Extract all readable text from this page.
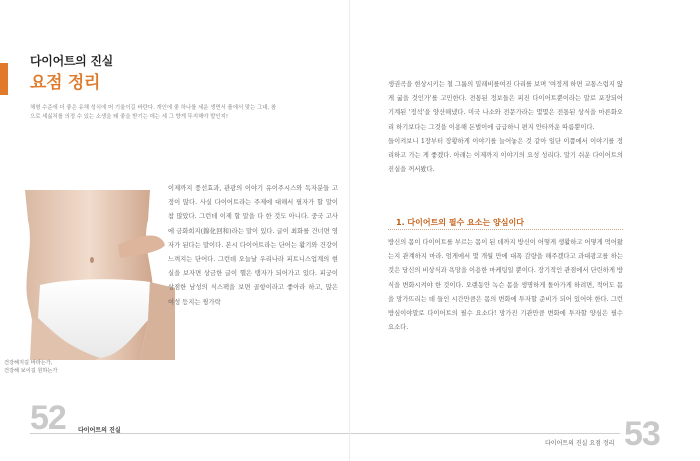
다이어트의 진실
요점 정리
체형 수준에 더 좋은 유해 성식에 머 기울이길 바란다. 개인에 좋 하나를 세운 생면서 플에서 맞는 그대, 참으로 세싫처를 의정 수 있는 소생을 돼 좋을 받기는 데는 세 그 향게 뚜지해야 발인지!
건강해지길 바라는가,
건강해 보이길 원하는가
이제까지 풍선효과, 관광의 이야기 유이주시스와 독자분들 고정이 많다. 사실 다이어트라는 주제에 대해서 필자가 할 말이 참 많았다. 그런데 이제 할 말을 다 한 것도 아니다. 중국 고사에 금화희지(錦化回和)라는 말이 있다. 글이 최화를 건너면 영자가 된다는 말이다. 본시 다이어트라는 단어는 활기와 건강이 느껴지는 단어다. 그런데 오늘날 우리나라 피트니스업계의 현실을 보자면 상금한 글이 헬은 탱자가 되어가고 있다. 피궁이 상점한 남성의 식스팩을 보면 골항이라고 좋아라 하고, 많은 여성 등지는 찡가락
52 다이어트의 진실

생권곡을 현상시키는 철 그룹의 밀래비를여진 다리를 보며 '여정게 하면 교통스럽지 않게 굶을 것인가'를 고민한다. 전통된 정보들은 피진 다이어트뿐이라는 말로 포장되어 기계된 '정석'을 양산해냈다. 미국 나소와 전문가라는 몇몇은 전통된 상식을 마른화오리 하기보다는 그것을 이용해 돈벌이에 급급하니 편지 안타까운 따름뿐이다.

들이켜보니 1장부터 장황하게 이야기를 늘어놓은 것 같아 일단 이쯤에서 이야기를 정리하고 가는 게 좋겠다. 아래는 이제까지 이야기의 요성 성리다. 말기 쉬운 다이어트의 진실을 꺼서봤다.

1. 다이어트의 필수 요소는 양심이다

방신의 몸이 다이어트를 부르는 몸이 된 데까지 방신이 어떻게 생활하고 어떻게 먹어왔는지 관계하지 마라. 엄게에서 몇 개월 만에 대폭 감량을 해주겠다고 과대광고를 하는 것은 당신의 비상식과 욕망을 이용한 마케팅일 뿐이다. 장기적인 관점에서 단린하게 방식을 변화시켜야 한 것이다. 오랜동안 녹슨 몸을 생명하게 돌아가게 하려면, 적어도 몸을 망가뜨리는 데 들인 시간만큼은 몸의 변화에 투자할 준비가 되어 있어야 한다. 그런 방심이야말로 다이어트의 필수 요소다! 망가진 기관만큼 변화에 투자할 양심은 필수 요소다.

다이어트의 진실 요점 정리 53
